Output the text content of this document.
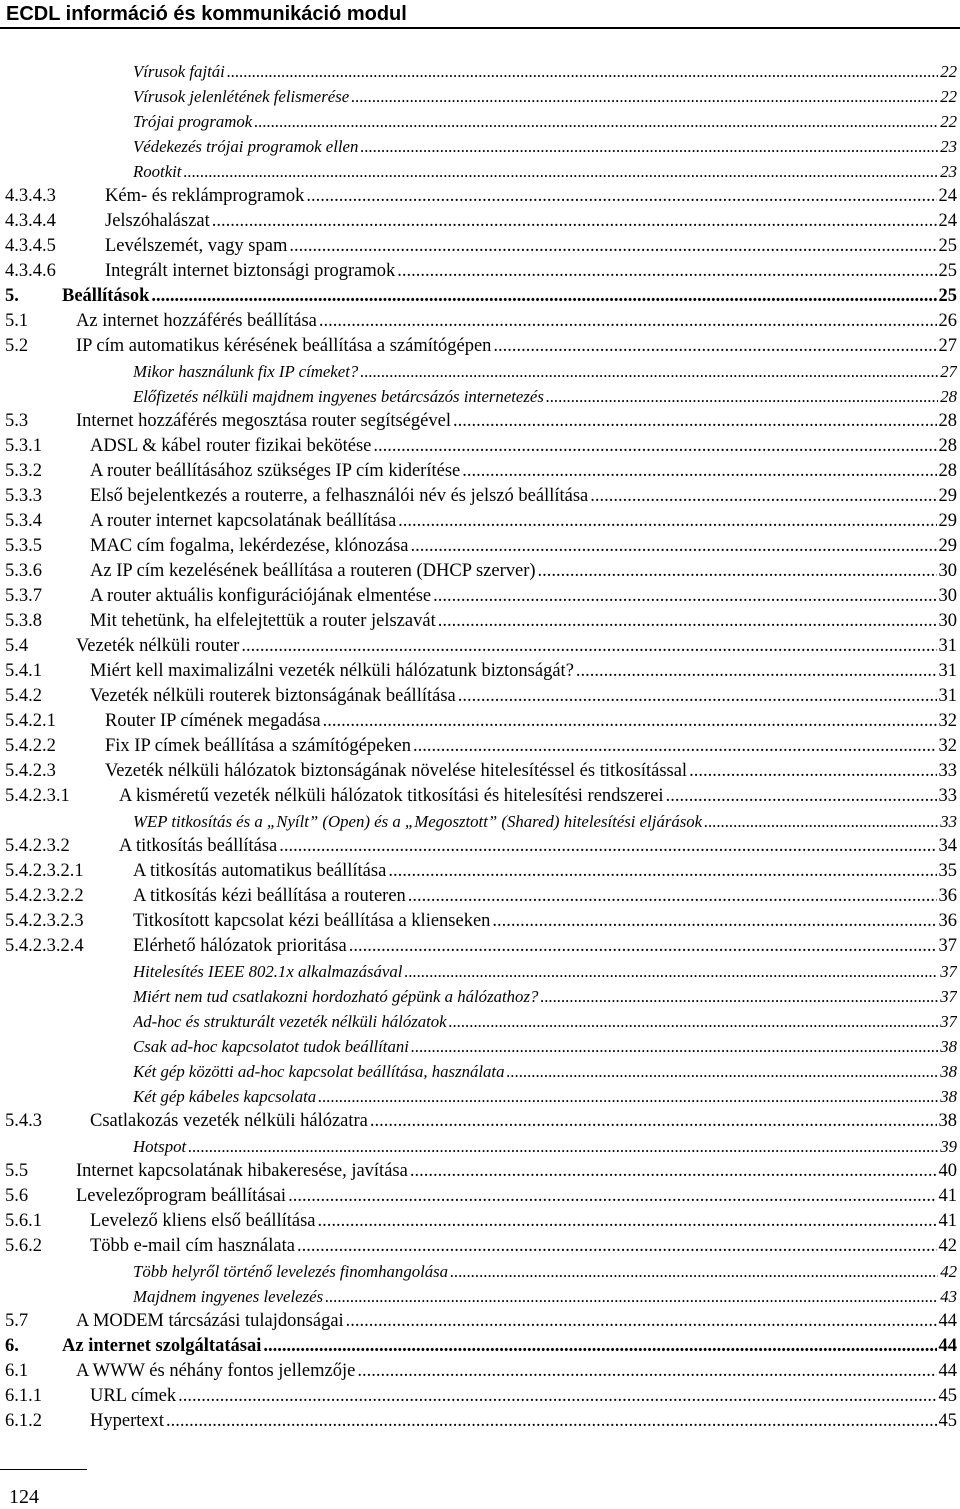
ECDL információ és kommunikáció modul
Vírusok fajtái .....	22
Vírusok jelenlétének felismerése .....	22
Trójai programok .....	22
Védekezés trójai programok ellen .....	23
Rootkit .....	23
4.3.4.3	Kém- és reklámprogramok .....	24
4.3.4.4	Jelszóhalászat .....	24
4.3.4.5	Levélszemét, vagy spam .....	25
4.3.4.6	Integrált internet biztonsági programok .....	25
5. Beállítások .....	25
5.1	Az internet hozzáférés beállítása .....	26
5.2	IP cím automatikus kérésének beállítása a számítógépen .....	27
Mikor használunk fix IP címeket? .....	27
Előfizetés nélküli majdnem ingyenes betárcsázós internetezés .....	28
5.3	Internet hozzáférés megosztása router segítségével .....	28
5.3.1	ADSL & kábel router fizikai bekötése .....	28
5.3.2	A router beállításához szükséges IP cím kiderítése .....	28
5.3.3	Első bejelentkezés a routerre, a felhasználói név és jelszó beállítása .....	29
5.3.4	A router internet kapcsolatának beállítása .....	29
5.3.5	MAC cím fogalma, lekérdezése, klónozása .....	29
5.3.6	Az IP cím kezelésének beállítása a routeren (DHCP szerver) .....	30
5.3.7	A router aktuális konfigurációjának elmentése .....	30
5.3.8	Mit tehetünk, ha elfelejtettük a router jelszavát .....	30
5.4	Vezeték nélküli router .....	31
5.4.1	Miért kell maximalizálni vezeték nélküli hálózatunk biztonságát? .....	31
5.4.2	Vezeték nélküli routerek biztonságának beállítása .....	31
5.4.2.1	Router IP címének megadása .....	32
5.4.2.2	Fix IP címek beállítása a számítógépeken .....	32
5.4.2.3	Vezeték nélküli hálózatok biztonságának növelése hitelesítéssel és titkosítással .....	33
5.4.2.3.1	A kisméretű vezeték nélküli hálózatok titkosítási és hitelesítési rendszerei .....	33
WEP titkosítás és a „Nyílt” (Open) és a „Megosztott” (Shared) hitelesítési eljárások .....	33
5.4.2.3.2	A titkosítás beállítása .....	34
5.4.2.3.2.1	A titkosítás automatikus beállítása .....	35
5.4.2.3.2.2	A titkosítás kézi beállítása a routeren .....	36
5.4.2.3.2.3	Titkosított kapcsolat kézi beállítása a klienseken .....	36
5.4.2.3.2.4	Elérhető hálózatok prioritása .....	37
Hitelesítés IEEE 802.1x alkalmazásával .....	37
Miért nem tud csatlakozni hordozható gépünk a hálózathoz? .....	37
Ad-hoc és strukturált vezeték nélküli hálózatok .....	37
Csak ad-hoc kapcsolatot tudok beállítani .....	38
Két gép közötti ad-hoc kapcsolat beállítása, használata .....	38
Két gép kábeles kapcsolata .....	38
5.4.3	Csatlakozás vezeték nélküli hálózatra .....	38
Hotspot .....	39
5.5	Internet kapcsolatának hibakeresése, javítása .....	40
5.6	Levelezőprogram beállításai .....	41
5.6.1	Levelező kliens első beállítása .....	41
5.6.2	Több e-mail cím használata .....	42
Több helyről történő levelezés finomhangolása .....	42
Majdnem ingyenes levelezés .....	43
5.7	A MODEM tárcsázási tulajdonságai .....	44
6. Az internet szolgáltatásai .....	44
6.1	A WWW és néhány fontos jellemzője .....	44
6.1.1	URL címek .....	45
6.1.2	Hypertext .....	45
124
